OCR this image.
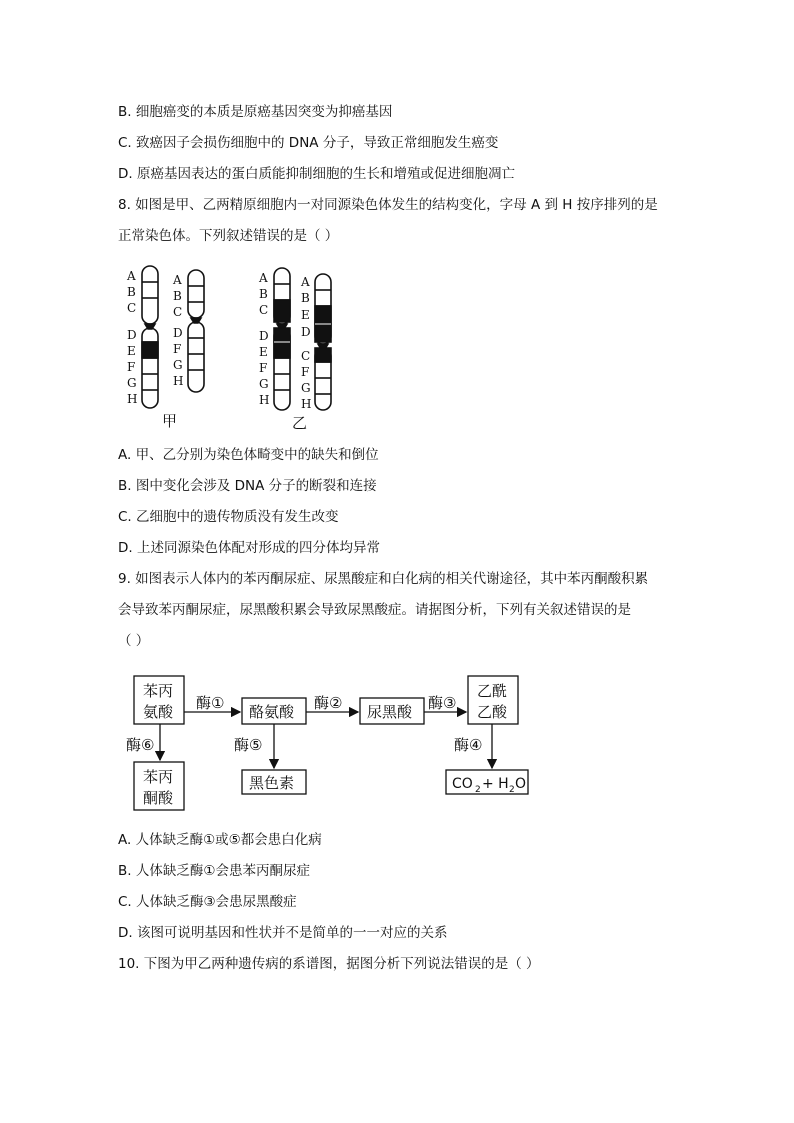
B. 细胞癌变的本质是原癌基因突变为抑癌基因
C. 致癌因子会损伤细胞中的 DNA 分子，导致正常细胞发生癌变
D. 原癌基因表达的蛋白质能抑制细胞的生长和增殖或促进细胞凋亡
8. 如图是甲、乙两精原细胞内一对同源染色体发生的结构变化，字母 A 到 H 按序排列的是
正常染色体。下列叙述错误的是（ ）
A
B
C
D
E
F
G
H
A
B
C
D
F
G
H
甲
A
B
C
D
E
F
G
H
A
B
E
D
C
F
G
H
乙
A. 甲、乙分别为染色体畸变中的缺失和倒位
B. 图中变化会涉及 DNA 分子的断裂和连接
C. 乙细胞中的遗传物质没有发生改变
D. 上述同源染色体配对形成的四分体均异常
9. 如图表示人体内的苯丙酮尿症、尿黑酸症和白化病的相关代谢途径，其中苯丙酮酸积累
会导致苯丙酮尿症，尿黑酸积累会导致尿黑酸症。请据图分析，下列有关叙述错误的是
（ ）
苯丙
氨酸	酪氨酸	尿黑酸
乙酰
乙酸
苯丙
酮酸
黑色素
酶①	酶②	酶③
酶④
酶⑤
酶⑥
CO 2 + H 2 O
A. 人体缺乏酶①或⑤都会患白化病
B. 人体缺乏酶①会患苯丙酮尿症
C. 人体缺乏酶③会患尿黑酸症
D. 该图可说明基因和性状并不是简单的一一对应的关系
10. 下图为甲乙两种遗传病的系谱图，据图分析下列说法错误的是（ ）
